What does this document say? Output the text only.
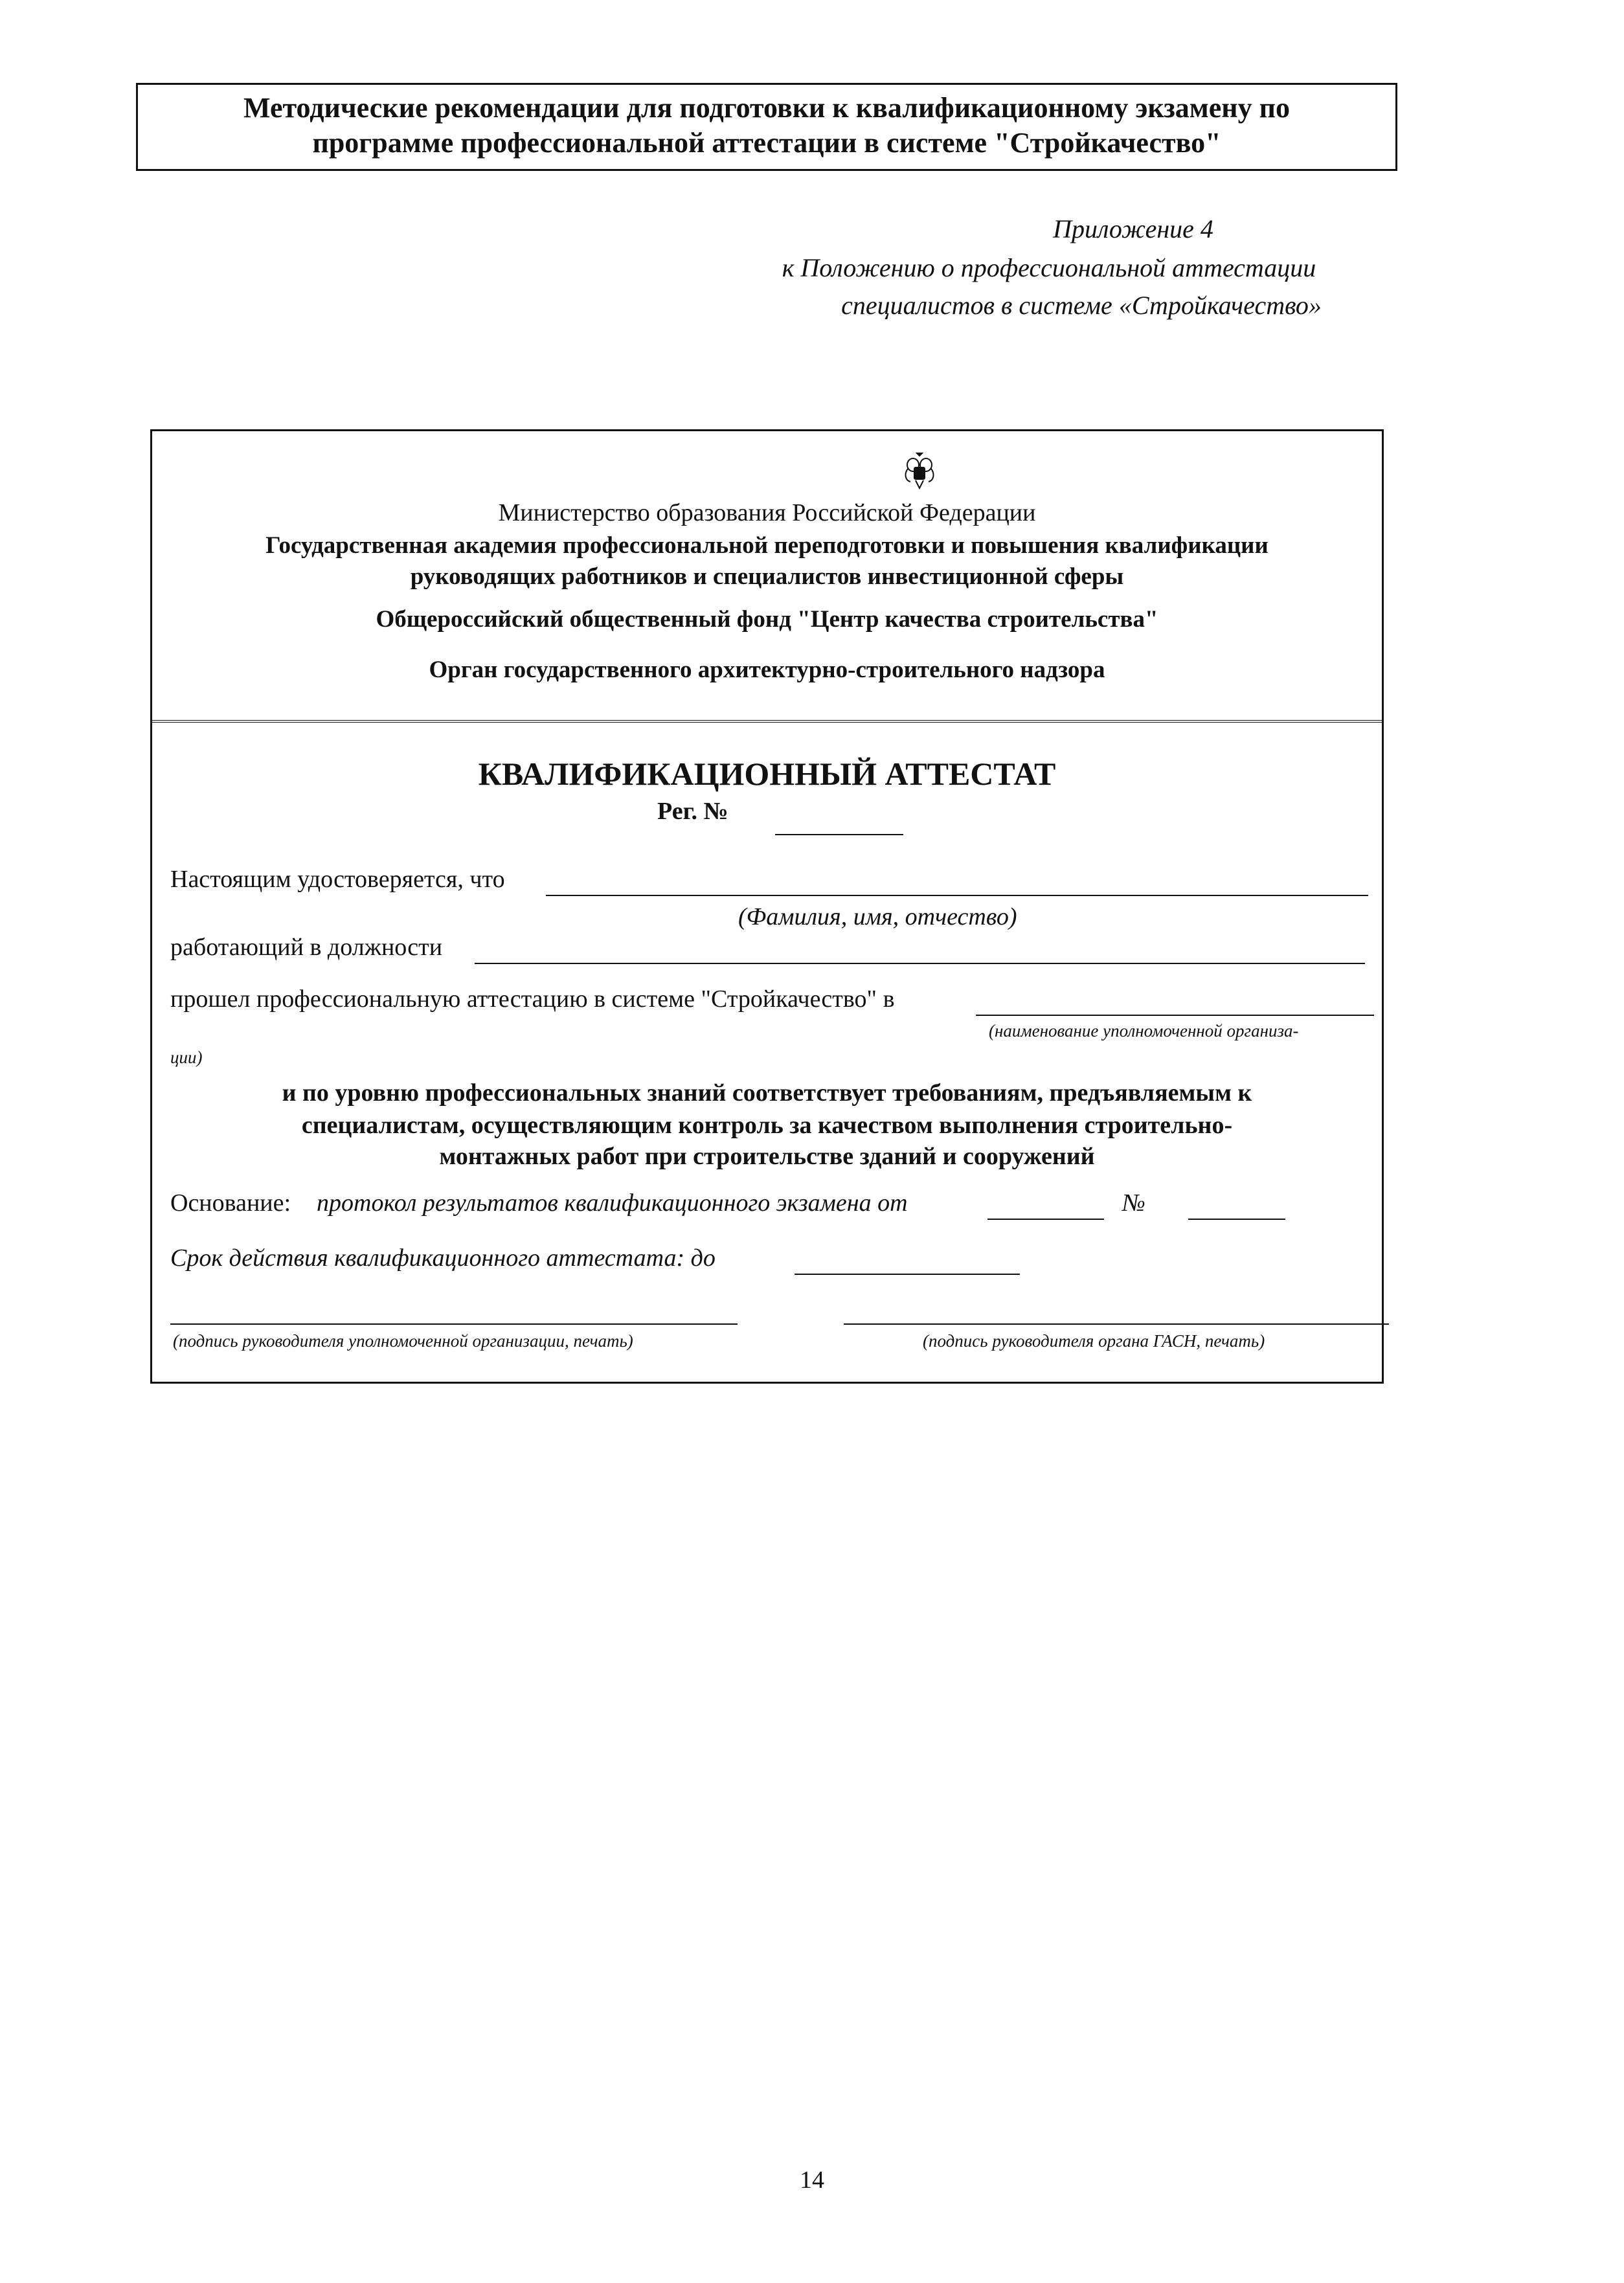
Методические рекомендации для подготовки к квалификационному экзамену по
программе профессиональной аттестации в системе "Стройкачество"
Приложение 4
к Положению о профессиональной аттестации
специалистов в системе «Стройкачество»
Министерство образования Российской Федерации
Государственная академия профессиональной переподготовки и повышения квалификации
руководящих работников и специалистов инвестиционной сферы
Общероссийский общественный фонд "Центр качества строительства"
Орган государственного архитектурно-строительного надзора
КВАЛИФИКАЦИОННЫЙ АТТЕСТАТ
Рег. №
Настоящим удостоверяется, что
(Фамилия, имя, отчество)
работающий в должности
прошел профессиональную аттестацию в системе "Стройкачество" в
(наименование уполномоченной организа-
ции)
и по уровню профессиональных знаний соответствует требованиям, предъявляемым к
специалистам, осуществляющим контроль за качеством выполнения строительно-
монтажных работ при строительстве зданий и сооружений
Основание: протокол результатов квалификационного экзамена от	№
Срок действия квалификационного аттестата: до
(подпись руководителя уполномоченной организации, печать)	(подпись руководителя органа ГАСН, печать)
14
